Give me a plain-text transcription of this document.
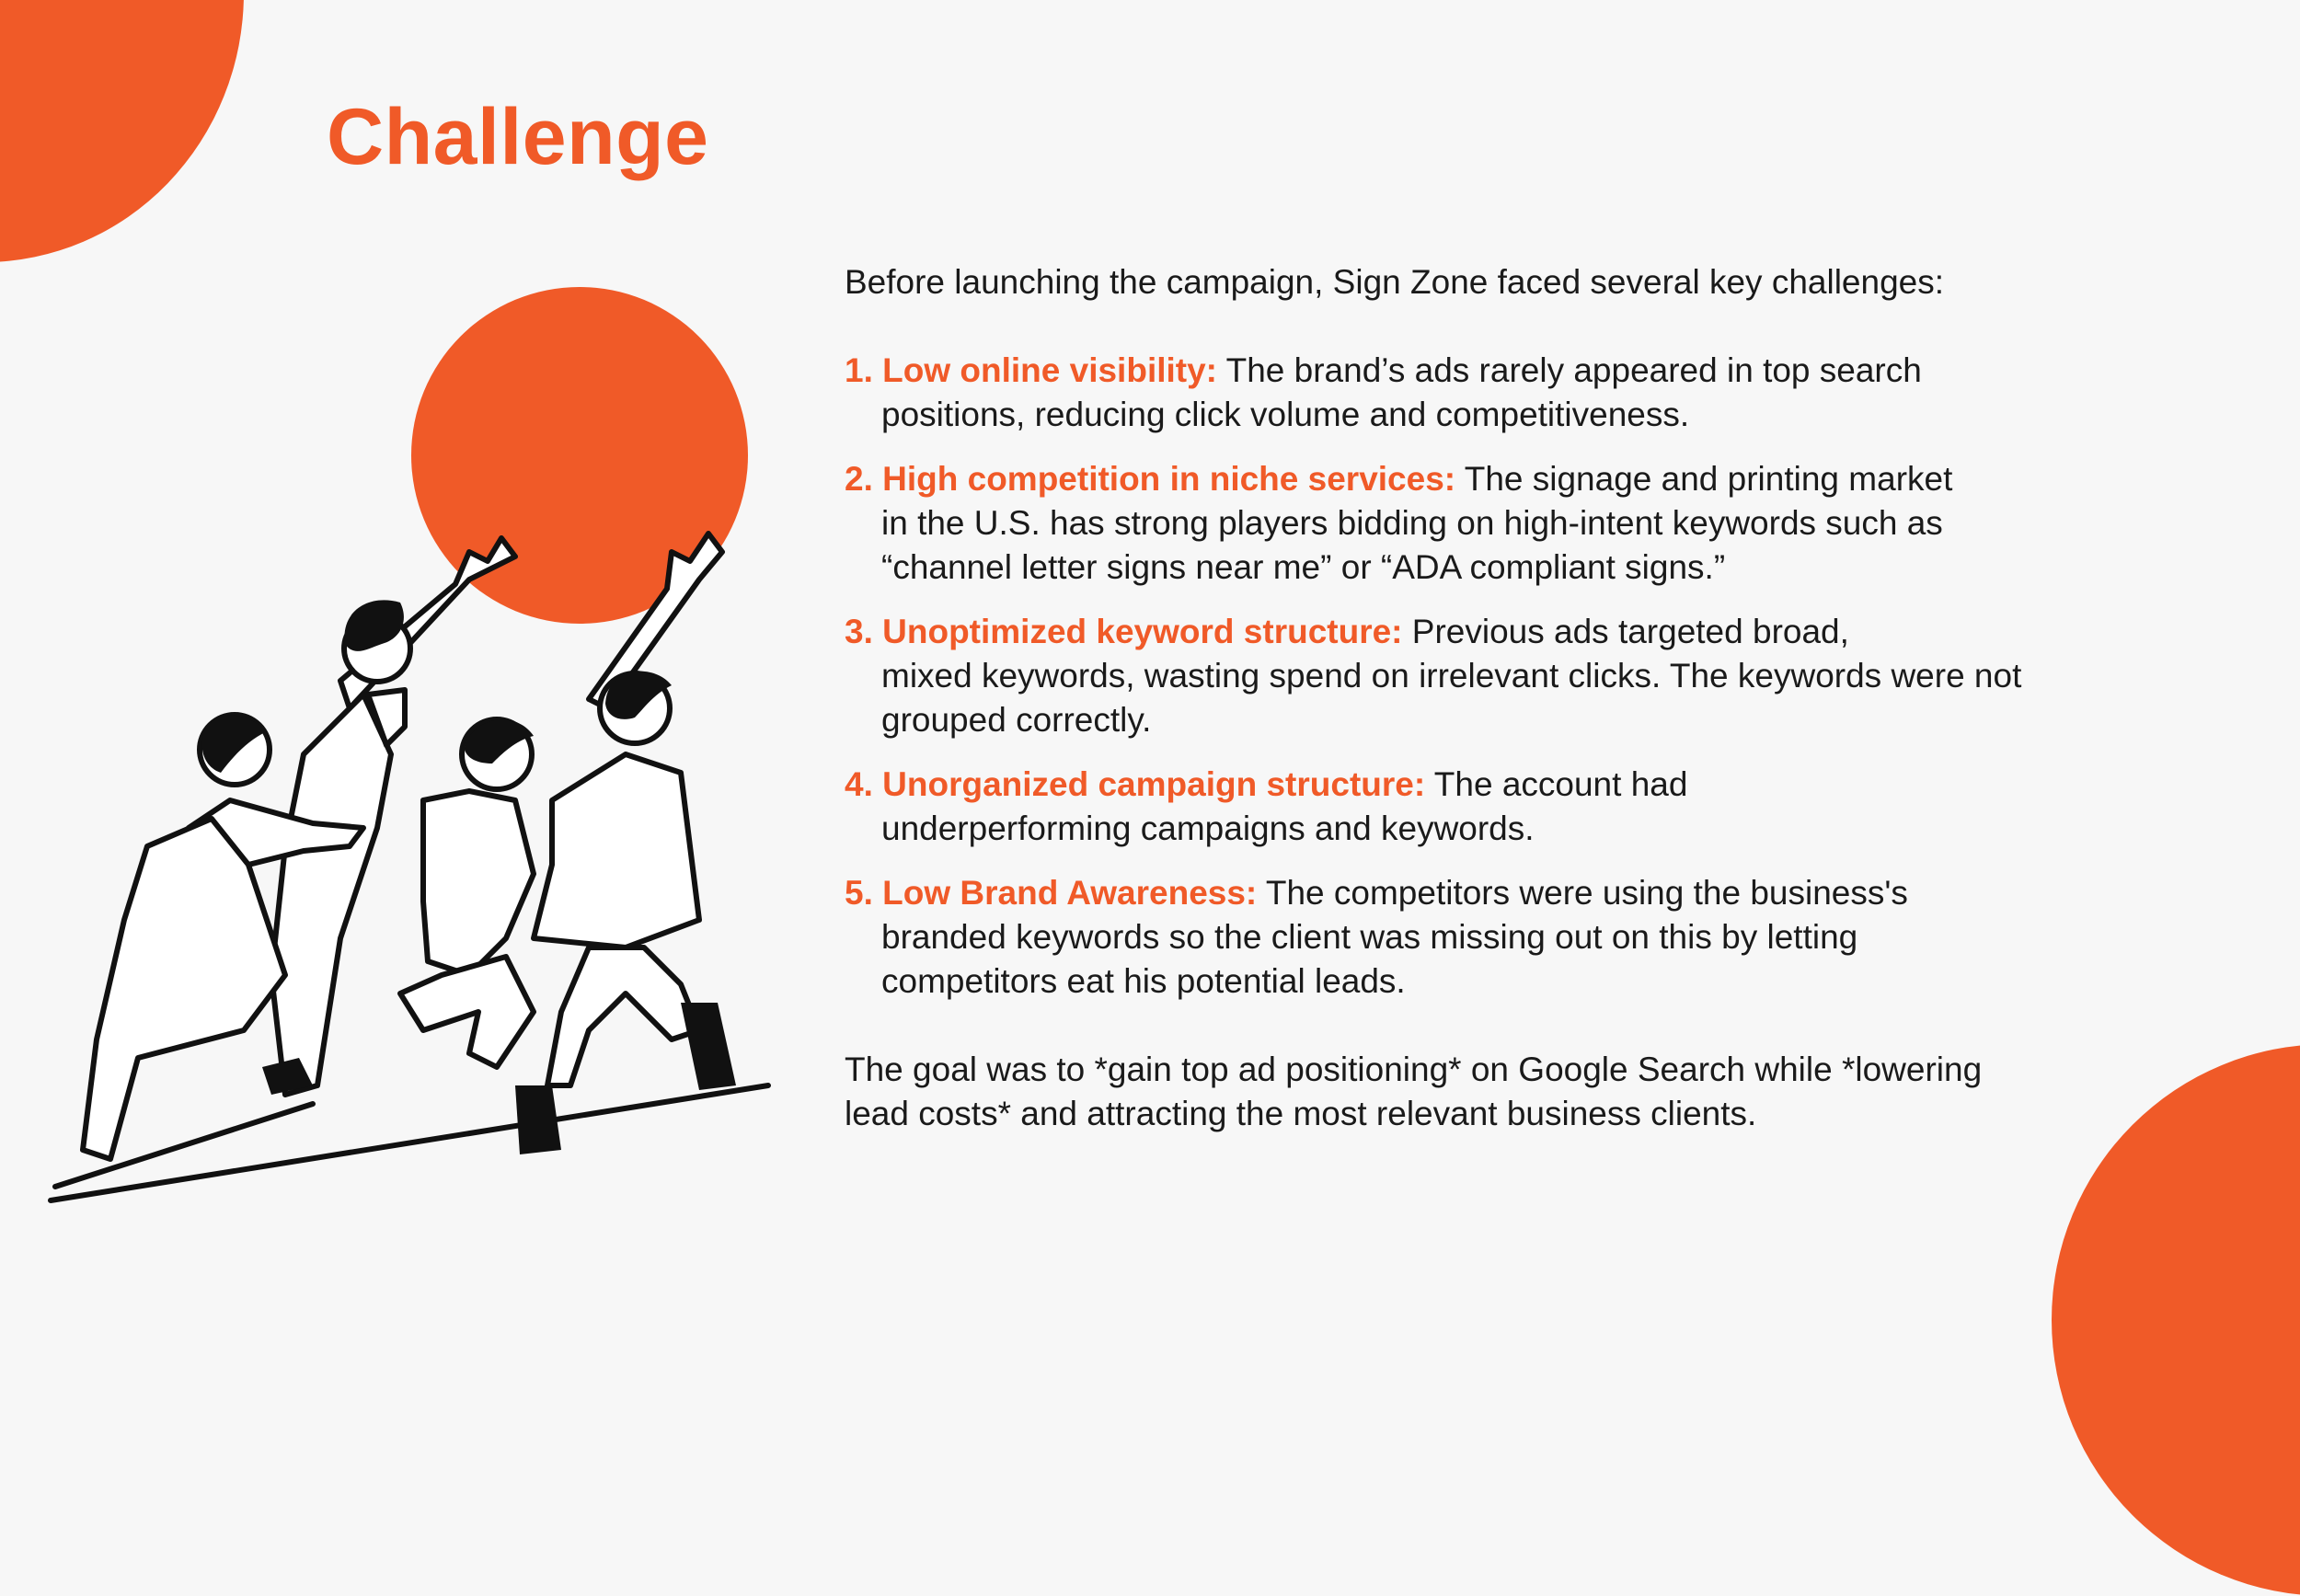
Challenge

Before launching the campaign, Sign Zone faced several key challenges:

1. Low online visibility: The brand’s ads rarely appeared in top search
positions, reducing click volume and competitiveness.
2. High competition in niche services: The signage and printing market
in the U.S. has strong players bidding on high-intent keywords such as “channel letter signs near me” or “ADA compliant signs.”
3. Unoptimized keyword structure: Previous ads targeted broad,
mixed keywords, wasting spend on irrelevant clicks. The keywords were not grouped correctly.
4. Unorganized campaign structure: The account had
underperforming campaigns and keywords.
5. Low Brand Awareness: The competitors were using the business's
branded keywords so the client was missing out on this by letting competitors eat his potential leads.

The goal was to *gain top ad positioning* on Google Search while *lowering lead costs* and attracting the most relevant business clients.
